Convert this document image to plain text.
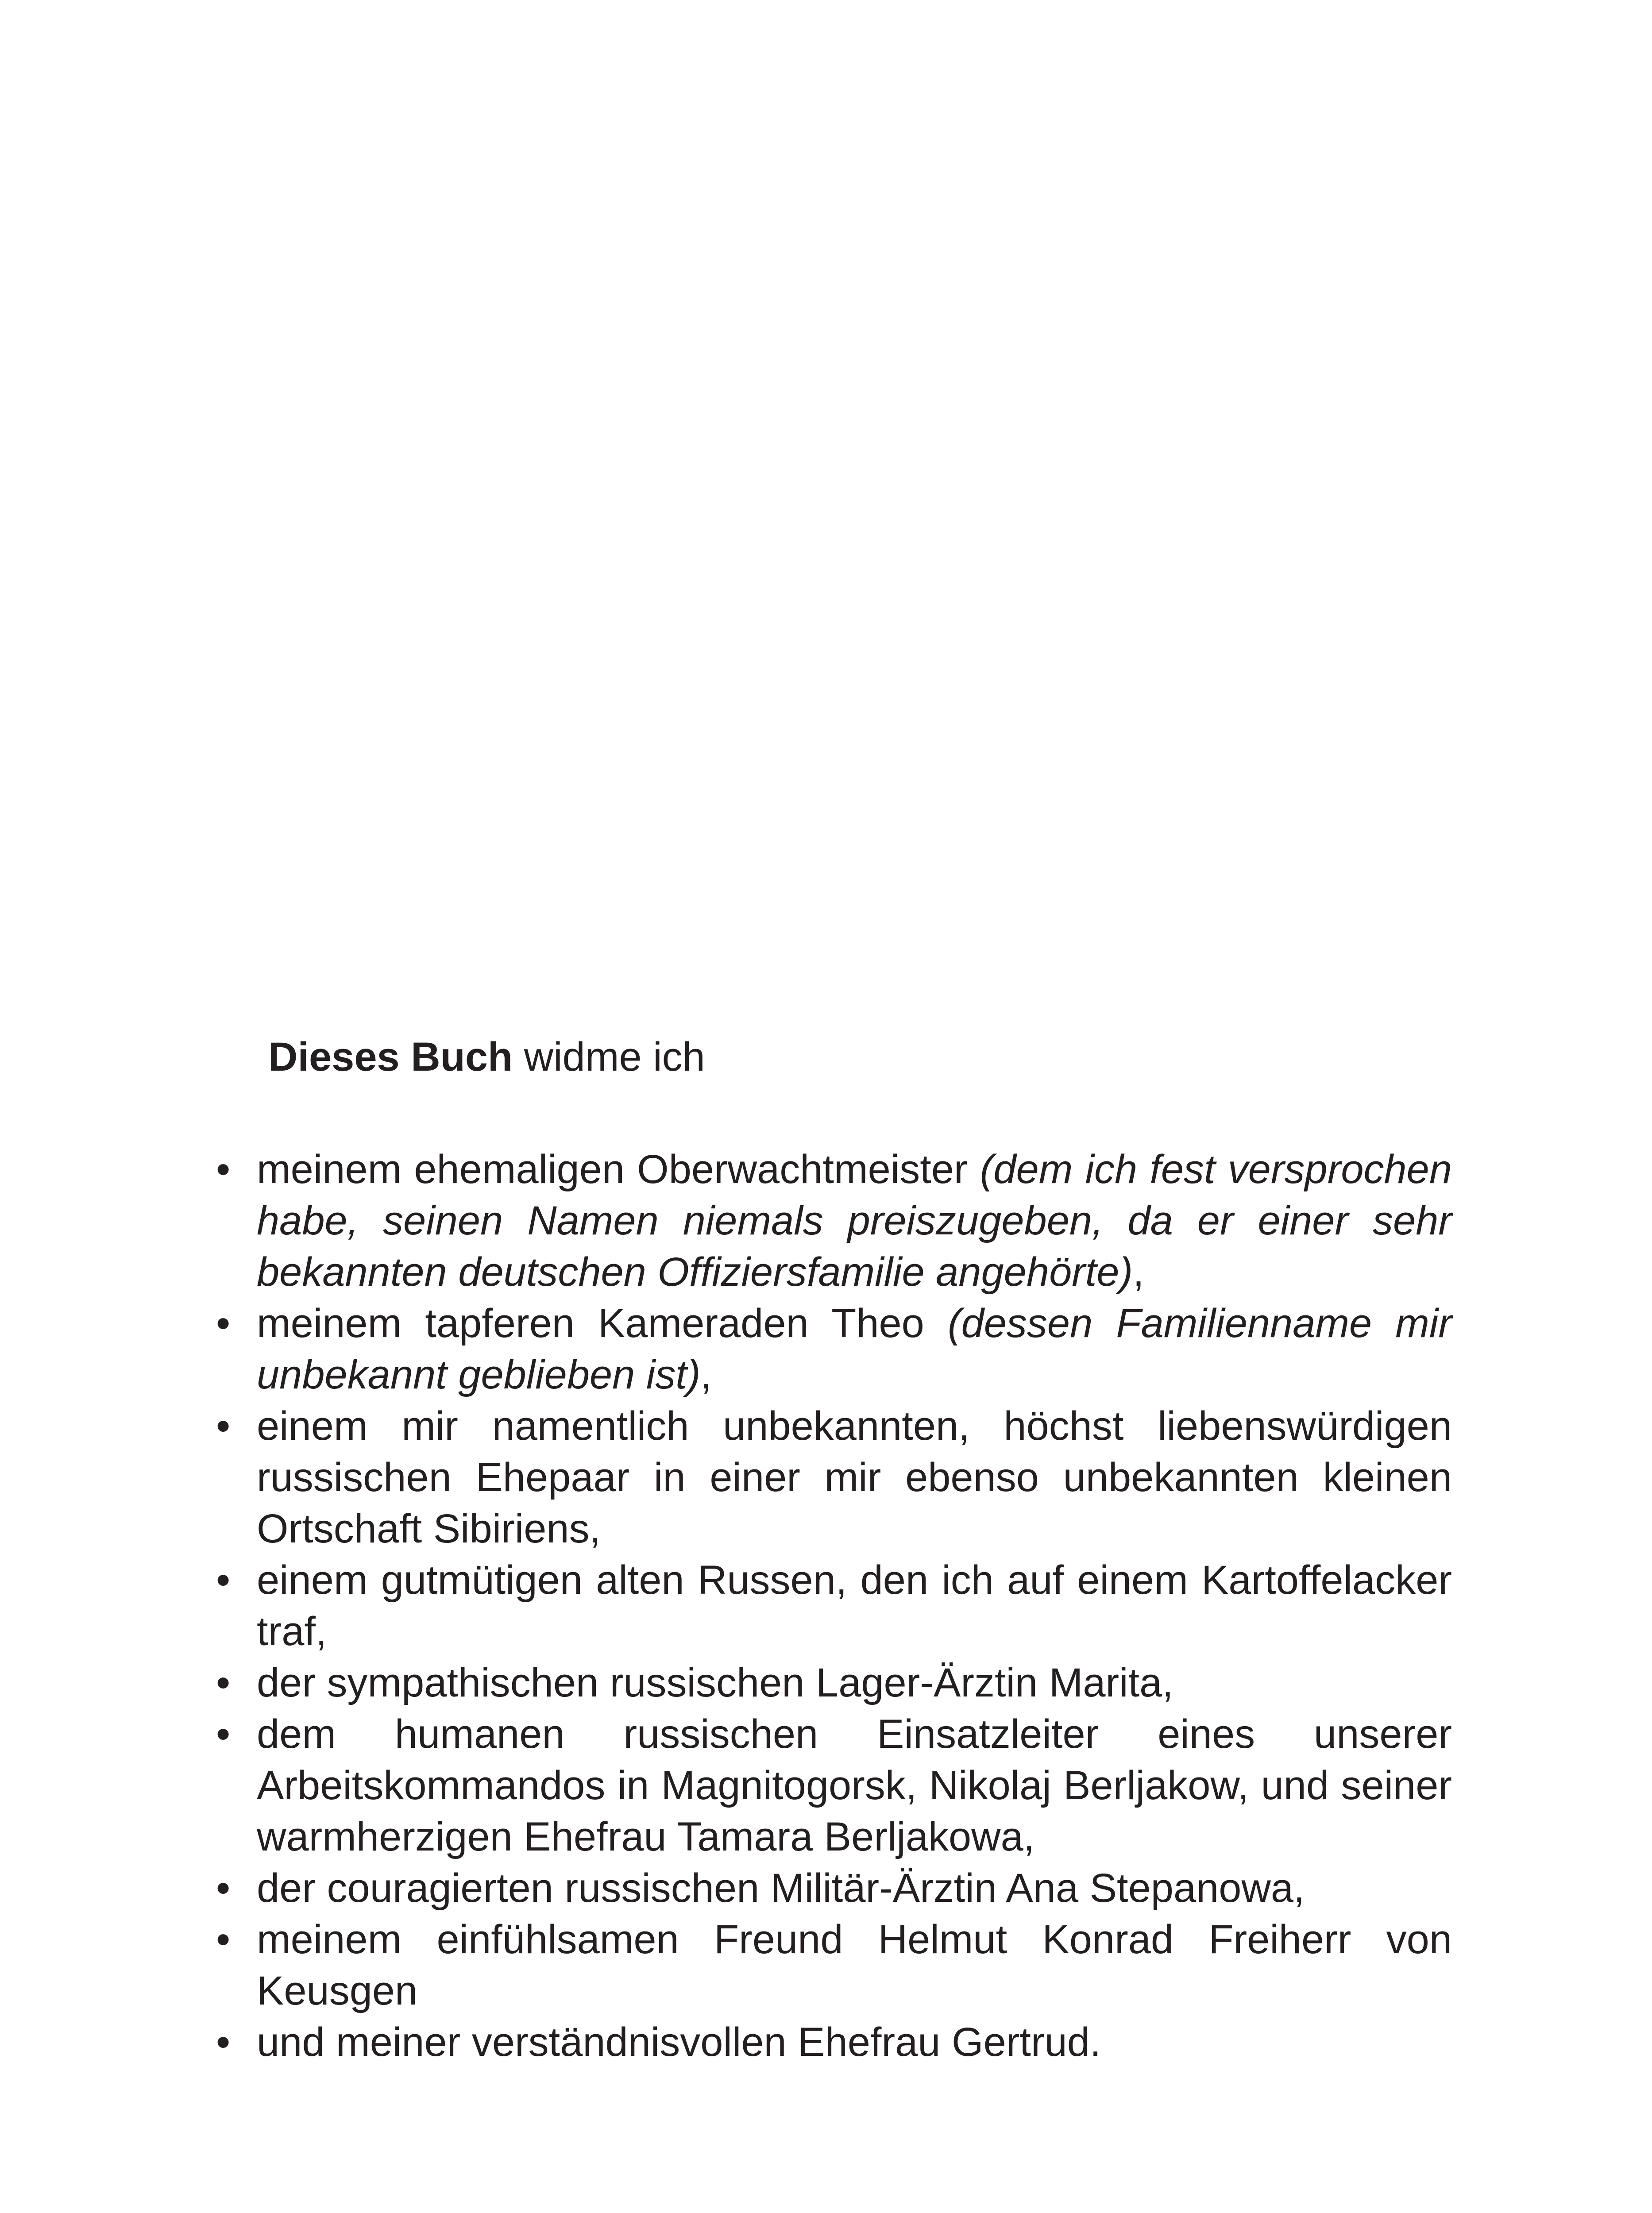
Dieses Buch widme ich

• meinem ehemaligen Oberwachtmeister (dem ich fest versprochen habe, seinen Namen niemals preiszugeben, da er einer sehr bekannten deutschen Offiziersfamilie angehörte),
• meinem tapferen Kameraden Theo (dessen Familienname mir unbekannt geblieben ist),
• einem mir namentlich unbekannten, höchst liebenswürdigen russischen Ehepaar in einer mir ebenso unbekannten kleinen Ortschaft Sibiriens,
• einem gutmütigen alten Russen, den ich auf einem Kartoffelacker traf,
• der sympathischen russischen Lager-Ärztin Marita,
• dem humanen russischen Einsatzleiter eines unserer Arbeitskommandos in Magnitogorsk, Nikolaj Berljakow, und seiner warmherzigen Ehefrau Tamara Berljakowa,
• der couragierten russischen Militär-Ärztin Ana Stepanowa,
• meinem einfühlsamen Freund Helmut Konrad Freiherr von Keusgen
• und meiner verständnisvollen Ehefrau Gertrud.
